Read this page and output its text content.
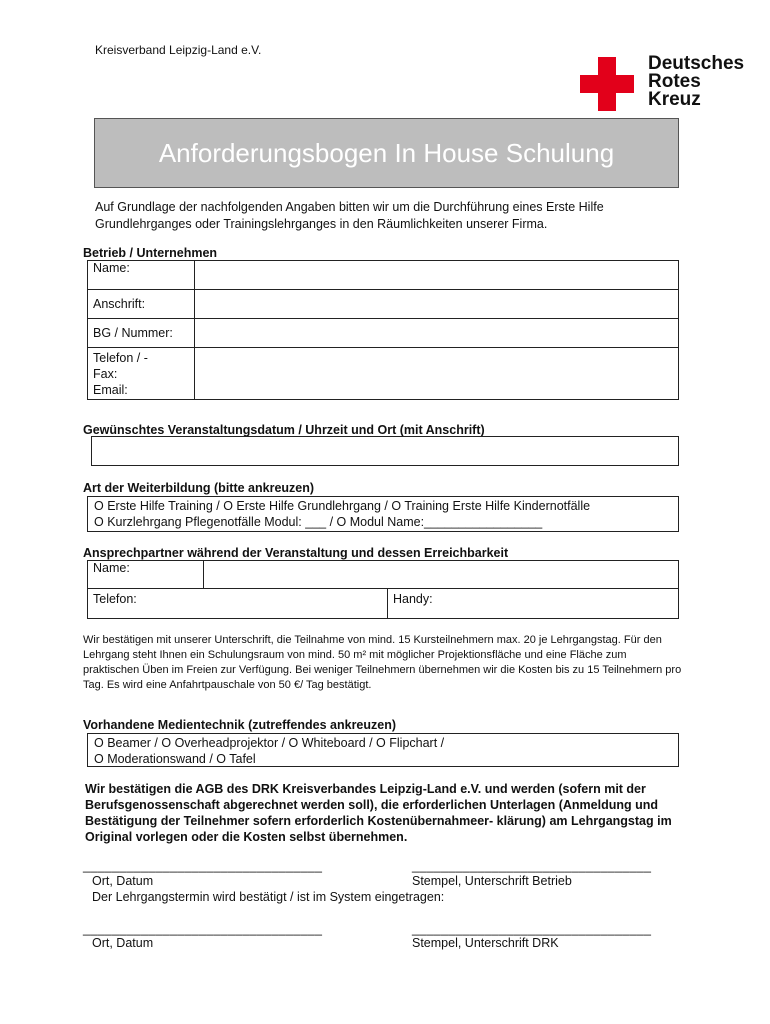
Kreisverband Leipzig-Land e.V.
Deutsches
Rotes
Kreuz
Anforderungsbogen In House Schulung
Auf Grundlage der nachfolgenden Angaben bitten wir um die Durchführung eines Erste Hilfe Grundlehrganges oder Trainingslehrganges in den Räumlichkeiten unserer Firma.
Betrieb / Unternehmen
Name:	
Anschrift:	
BG / Nummer:	

Telefon / -
Fax:
Email:	

Gewünschtes Veranstaltungsdatum / Uhrzeit und Ort (mit Anschrift)
Art der Weiterbildung (bitte ankreuzen)
O Erste Hilfe Training / O Erste Hilfe Grundlehrgang / O Training Erste Hilfe Kindernotfälle
O Kurzlehrgang Pflegenotfälle Modul: ___ / O Modul Name:_________________
Ansprechpartner während der Veranstaltung und dessen Erreichbarkeit
Name:		
Telefon:		Handy:
Wir bestätigen mit unserer Unterschrift, die Teilnahme von mind. 15 Kursteilnehmern max. 20 je Lehrgangstag. Für den Lehrgang steht Ihnen ein Schulungsraum von mind. 50 m² mit möglicher Projektionsfläche und eine Fläche zum praktischen Üben im Freien zur Verfügung. Bei weniger Teilnehmern übernehmen wir die Kosten bis zu 15 Teilnehmern pro Tag. Es wird eine Anfahrtpauschale von 50 €/ Tag bestätigt.
Vorhandene Medientechnik (zutreffendes ankreuzen)
O Beamer / O Overheadprojektor / O Whiteboard / O Flipchart /
O Moderationswand / O Tafel
Wir bestätigen die AGB des DRK Kreisverbandes Leipzig-Land e.V. und werden (sofern mit der Berufsgenossenschaft abgerechnet werden soll), die erforderlichen Unterlagen (Anmeldung und Bestätigung der Teilnehmer sofern erforderlich Kostenübernahmeer- klärung) am Lehrgangstag im Original vorlegen oder die Kosten selbst übernehmen.
_________________________________	_________________________________
Ort, Datum	Stempel, Unterschrift Betrieb
Der Lehrgangstermin wird bestätigt / ist im System eingetragen:
_________________________________	_________________________________
Ort, Datum	Stempel, Unterschrift DRK
